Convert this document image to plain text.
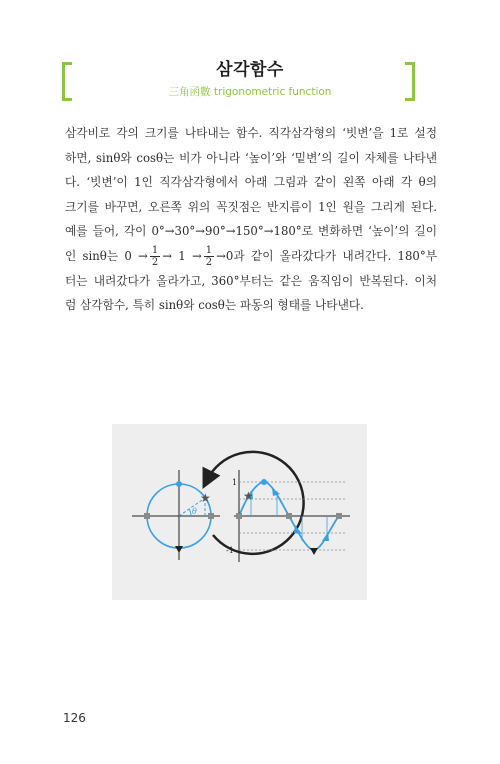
삼각함수
三角函數 trigonometric function
삼각비로 각의 크기를 나타내는 함수. 직각삼각형의 ‘빗변’을 1로 설정
하면, sinθ와 cosθ는 비가 아니라 ‘높이’와 ‘밑변’의 길이 자체를 나타낸
다. ‘빗변’이 1인 직각삼각형에서 아래 그림과 같이 왼쪽 아래 각 θ의
크기를 바꾸면, 오른쪽 위의 꼭짓점은 반지름이 1인 원을 그리게 된다.
예를 들어, 각이 0°→30°→90°→150°→180°로 변화하면 ‘높이’의 길이
인 sinθ는 $0 \to \frac{1}{2} \to 1 \to \frac{1}{2} \to 0$과 같이 올라갔다가 내려간다. 180°부
터는 내려갔다가 올라가고, 360°부터는 같은 움직임이 반복된다. 이처
럼 삼각함수, 특히 sinθ와 cosθ는 파동의 형태를 나타낸다.
θ
★
1
-1
★
126
